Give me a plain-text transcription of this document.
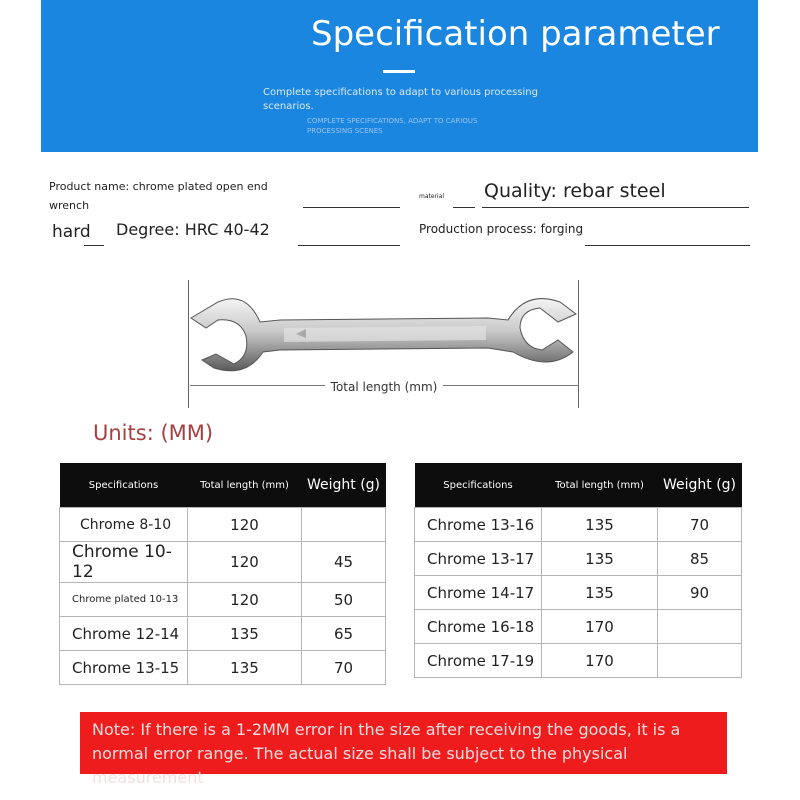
Specification parameter
Complete specifications to adapt to various processing scenarios.
COMPLETE SPECIFICATIONS, ADAPT TO CARIOUS PROCESSING SCENES
Product name: chrome plated open end wrench
material Quality: rebar steel
hard Degree: HRC 40-42	Production process: forging
Total length (mm)
Units: (MM)
Specifications	Total length (mm)	Weight (g)
Chrome 8-10	120	
Chrome 10-12	120	45
Chrome plated 10-13	120	50
Chrome 12-14	135	65
Chrome 13-15	135	70
Specifications	Total length (mm)	Weight (g)
Chrome 13-16	135	70
Chrome 13-17	135	85
Chrome 14-17	135	90
Chrome 16-18	170	
Chrome 17-19	170	
Note: If there is a 1-2MM error in the size after receiving the goods, it is a normal error range. The actual size shall be subject to the physical measurement
